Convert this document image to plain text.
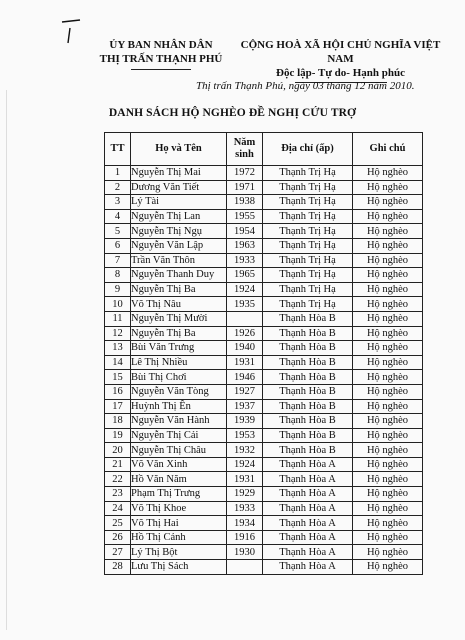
ỦY BAN NHÂN DÂN
THỊ TRẤN THẠNH PHÚ
CỘNG HOÀ XÃ HỘI CHỦ NGHĨA VIỆT NAM
Độc lập- Tự do- Hạnh phúc
Thị trấn Thạnh Phú, ngày 03 tháng 12 năm 2010.
DANH SÁCH HỘ NGHÈO ĐỀ NGHỊ CỨU TRỢ
TT	Họ và Tên	Năm sinh	Địa chỉ (ấp)	Ghi chú
1	Nguyễn Thị Mai	1972	Thạnh Trị Hạ	Hộ nghèo
2	Dương Văn Tiết	1971	Thạnh Trị Hạ	Hộ nghèo
3	Lý Tài	1938	Thạnh Trị Hạ	Hộ nghèo
4	Nguyễn Thị Lan	1955	Thạnh Trị Hạ	Hộ nghèo
5	Nguyễn Thị Ngụ	1954	Thạnh Trị Hạ	Hộ nghèo
6	Nguyễn Văn Lập	1963	Thạnh Trị Hạ	Hộ nghèo
7	Trần Văn Thôn	1933	Thạnh Trị Hạ	Hộ nghèo
8	Nguyễn Thanh Duy	1965	Thạnh Trị Hạ	Hộ nghèo
9	Nguyễn Thị Ba	1924	Thạnh Trị Hạ	Hộ nghèo
10	Võ Thị Nâu	1935	Thạnh Trị Hạ	Hộ nghèo
11	Nguyễn Thị Mười		Thạnh Hòa B	Hộ nghèo
12	Nguyễn Thị Ba	1926	Thạnh Hòa B	Hộ nghèo
13	Bùi Văn Trưng	1940	Thạnh Hòa B	Hộ nghèo
14	Lê Thị Nhiều	1931	Thạnh Hòa B	Hộ nghèo
15	Bùi Thị Chơi	1946	Thạnh Hòa B	Hộ nghèo
16	Nguyễn Văn Tòng	1927	Thạnh Hòa B	Hộ nghèo
17	Huỳnh Thị Ên	1937	Thạnh Hòa B	Hộ nghèo
18	Nguyễn Văn Hành	1939	Thạnh Hòa B	Hộ nghèo
19	Nguyễn Thị Cải	1953	Thạnh Hòa B	Hộ nghèo
20	Nguyễn Thị Châu	1932	Thạnh Hòa B	Hộ nghèo
21	Võ Văn Xinh	1924	Thạnh Hòa A	Hộ nghèo
22	Hồ Văn Năm	1931	Thạnh Hòa A	Hộ nghèo
23	Phạm Thị Trưng	1929	Thạnh Hòa A	Hộ nghèo
24	Võ Thị Khoe	1933	Thạnh Hòa A	Hộ nghèo
25	Võ Thị Hai	1934	Thạnh Hòa A	Hộ nghèo
26	Hồ Thị Cảnh	1916	Thạnh Hòa A	Hộ nghèo
27	Lý Thị Bột	1930	Thạnh Hòa A	Hộ nghèo
28	Lưu Thị Sách		Thạnh Hòa A	Hộ nghèo
